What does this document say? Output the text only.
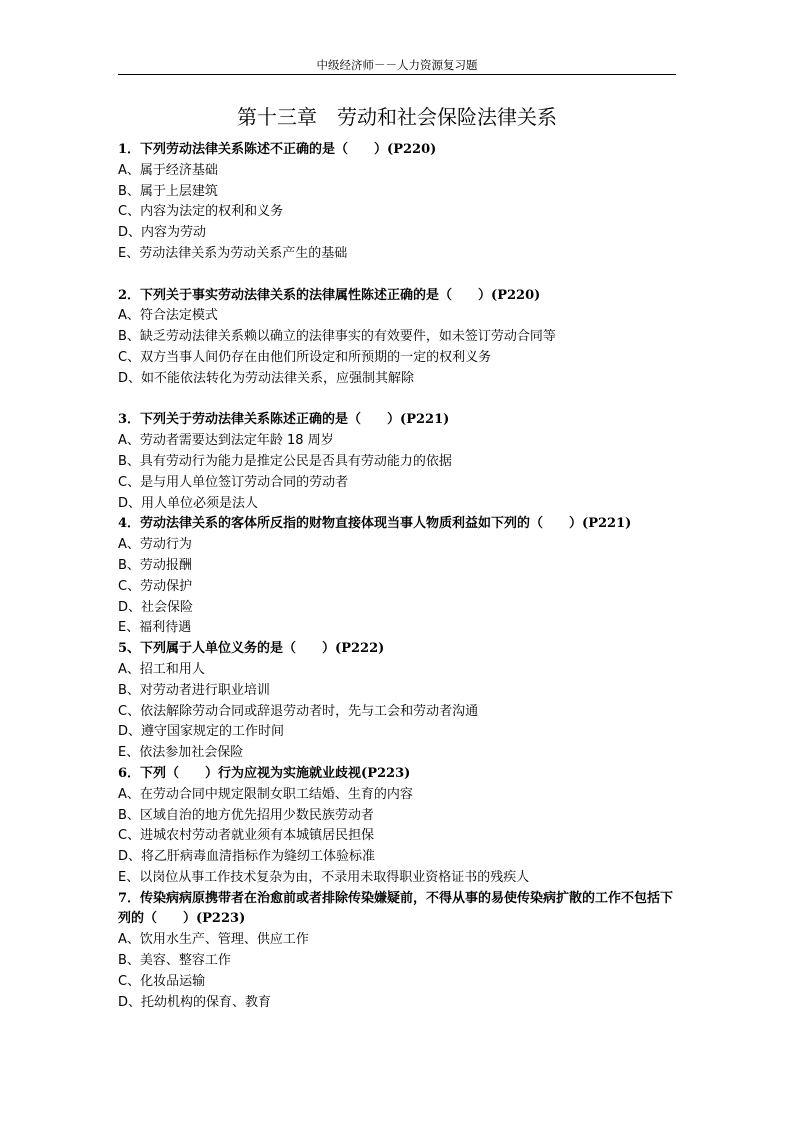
中级经济师－－人力资源复习题
第十三章　劳动和社会保险法律关系
1．下列劳动法律关系陈述不正确的是（　　）(P220)
A、属于经济基础
B、属于上层建筑
C、内容为法定的权利和义务
D、内容为劳动
E、劳动法律关系为劳动关系产生的基础
2．下列关于事实劳动法律关系的法律属性陈述正确的是（　　）(P220)
A、符合法定模式
B、缺乏劳动法律关系赖以确立的法律事实的有效要件，如未签订劳动合同等
C、双方当事人间仍存在由他们所设定和所预期的一定的权利义务
D、如不能依法转化为劳动法律关系，应强制其解除
3．下列关于劳动法律关系陈述正确的是（　　）(P221)
A、劳动者需要达到法定年龄 18 周岁
B、具有劳动行为能力是推定公民是否具有劳动能力的依据
C、是与用人单位签订劳动合同的劳动者
D、用人单位必须是法人
4．劳动法律关系的客体所反指的财物直接体现当事人物质利益如下列的（　　）(P221)
A、劳动行为
B、劳动报酬
C、劳动保护
D、社会保险
E、福利待遇
5、下列属于人单位义务的是（　　）(P222)
A、招工和用人
B、对劳动者进行职业培训
C、依法解除劳动合同或辞退劳动者时，先与工会和劳动者沟通
D、遵守国家规定的工作时间
E、依法参加社会保险
6．下列（　　）行为应视为实施就业歧视(P223)
A、在劳动合同中规定限制女职工结婚、生育的内容
B、区域自治的地方优先招用少数民族劳动者
C、进城农村劳动者就业须有本城镇居民担保
D、将乙肝病毒血清指标作为缝纫工体验标准
E、以岗位从事工作技术复杂为由，不录用未取得职业资格证书的残疾人
7．传染病病原携带者在治愈前或者排除传染嫌疑前，不得从事的易使传染病扩散的工作不包括下列的（　　）(P223)
A、饮用水生产、管理、供应工作
B、美容、整容工作
C、化妆品运输
D、托幼机构的保育、教育
